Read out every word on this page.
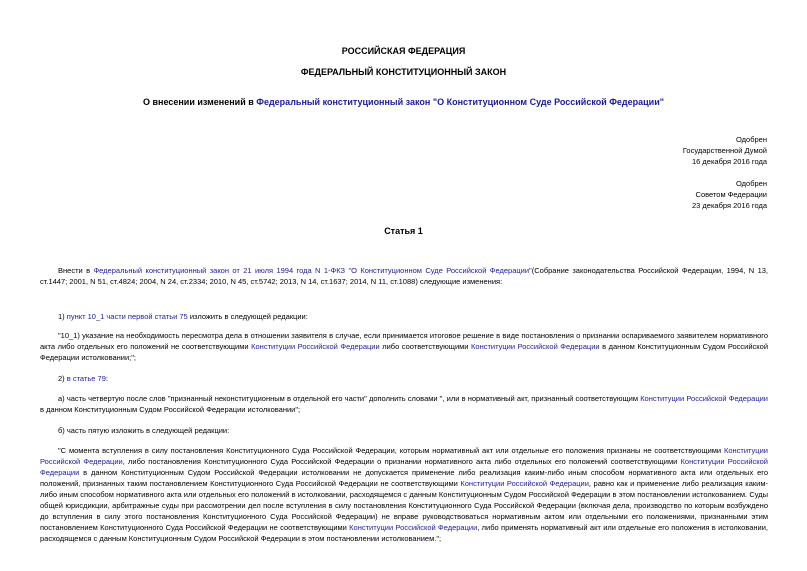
РОССИЙСКАЯ ФЕДЕРАЦИЯ
ФЕДЕРАЛЬНЫЙ КОНСТИТУЦИОННЫЙ ЗАКОН
О внесении изменений в Федеральный конституционный закон "О Конституционном Суде Российской Федерации"
Одобрен
Государственной Думой
16 декабря 2016 года
Одобрен
Советом Федерации
23 декабря 2016 года
Статья 1

Внести в Федеральный конституционный закон от 21 июля 1994 года N 1-ФКЗ "О Конституционном Суде Российской Федерации"(Собрание законодательства Российской Федерации, 1994, N 13, ст.1447; 2001, N 51, ст.4824; 2004, N 24, ст.2334; 2010, N 45, ст.5742; 2013, N 14, ст.1637; 2014, N 11, ст.1088) следующие изменения:

1) пункт 10_1 части первой статьи 75 изложить в следующей редакции:

"10_1) указание на необходимость пересмотра дела в отношении заявителя в случае, если принимается итоговое решение в виде постановления о признании оспариваемого заявителем нормативного акта либо отдельных его положений не соответствующими Конституции Российской Федерации либо соответствующими Конституции Российской Федерации в данном Конституционным Судом Российской Федерации истолковании;";

2) в статье 79:

а) часть четвертую после слов "признанный неконституционным в отдельной его части" дополнить словами ", или в нормативный акт, признанный соответствующим Конституции Российской Федерации в данном Конституционным Судом Российской Федерации истолковании";

б) часть пятую изложить в следующей редакции:

"С момента вступления в силу постановления Конституционного Суда Российской Федерации, которым нормативный акт или отдельные его положения признаны не соответствующими Конституции Российской Федерации, либо постановления Конституционного Суда Российской Федерации о признании нормативного акта либо отдельных его положений соответствующими Конституции Российской Федерации в данном Конституционным Судом Российской Федерации истолковании не допускается применение либо реализация каким-либо иным способом нормативного акта или отдельных его положений, признанных таким постановлением Конституционного Суда Российской Федерации не соответствующими Конституции Российской Федерации, равно как и применение либо реализация каким-либо иным способом нормативного акта или отдельных его положений в истолковании, расходящемся с данным Конституционным Судом Российской Федерации в этом постановлении истолкованием. Суды общей юрисдикции, арбитражные суды при рассмотрении дел после вступления в силу постановления Конституционного Суда Российской Федерации (включая дела, производство по которым возбуждено до вступления в силу этого постановления Конституционного Суда Российской Федерации) не вправе руководствоваться нормативным актом или отдельными его положениями, признанными этим постановлением Конституционного Суда Российской Федерации не соответствующими Конституции Российской Федерации, либо применять нормативный акт или отдельные его положения в истолковании, расходящемся с данным Конституционным Судом Российской Федерации в этом постановлении истолкованием.";
